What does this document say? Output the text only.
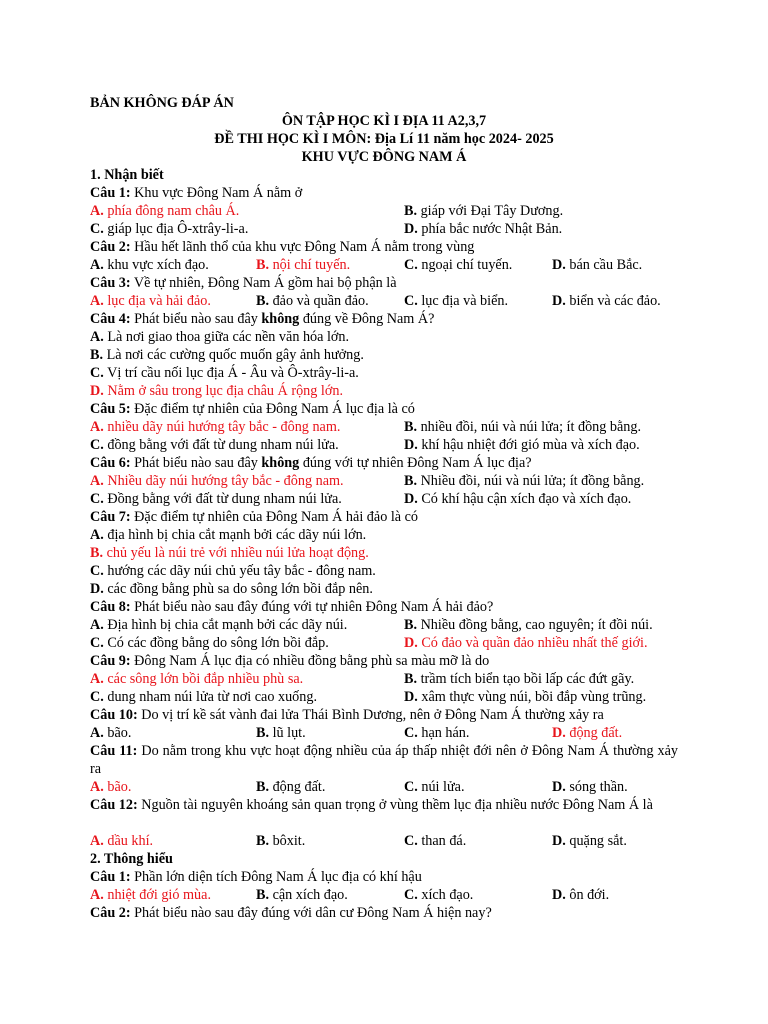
BẢN KHÔNG ĐÁP ÁN
ÔN TẬP HỌC KÌ I ĐỊA 11 A2,3,7
ĐỀ THI HỌC KÌ I MÔN: Địa Lí 11 năm học 2024- 2025
KHU VỰC ĐÔNG NAM Á
1. Nhận biết
Câu 1: Khu vực Đông Nam Á nằm ở
A. phía đông nam châu Á.	B. giáp với Đại Tây Dương.
C. giáp lục địa Ô-xtrây-li-a.	D. phía bắc nước Nhật Bản.
Câu 2: Hầu hết lãnh thổ của khu vực Đông Nam Á nằm trong vùng
A. khu vực xích đạo.	B. nội chí tuyến.	C. ngoại chí tuyến.	D. bán cầu Bắc.
Câu 3: Về tự nhiên, Đông Nam Á gồm hai bộ phận là
A. lục địa và hải đảo.	B. đảo và quần đảo. C. lục địa và biển.	D. biển và các đảo.
Câu 4: Phát biểu nào sau đây không đúng về Đông Nam Á?
A. Là nơi giao thoa giữa các nền văn hóa lớn.
B. Là nơi các cường quốc muốn gây ảnh hưởng.
C. Vị trí cầu nối lục địa Á - Âu và Ô-xtrây-li-a.
D. Nằm ở sâu trong lục địa châu Á rộng lớn.
Câu 5: Đặc điểm tự nhiên của Đông Nam Á lục địa là có
A. nhiều dãy núi hướng tây bắc - đông nam.	B. nhiều đồi, núi và núi lửa; ít đồng bằng.
C. đồng bằng với đất từ dung nham núi lửa.	D. khí hậu nhiệt đới gió mùa và xích đạo.
Câu 6: Phát biểu nào sau đây không đúng với tự nhiên Đông Nam Á lục địa?
A. Nhiều dãy núi hướng tây bắc - đông nam.	B. Nhiều đồi, núi và núi lửa; ít đồng bằng.
C. Đồng bằng với đất từ dung nham núi lửa.	D. Có khí hậu cận xích đạo và xích đạo.
Câu 7: Đặc điểm tự nhiên của Đông Nam Á hải đảo là có
A. địa hình bị chia cắt mạnh bởi các dãy núi lớn.
B. chủ yếu là núi trẻ với nhiều núi lửa hoạt động.
C. hướng các dãy núi chủ yếu tây bắc - đông nam.
D. các đồng bằng phù sa do sông lớn bồi đắp nên.
Câu 8: Phát biểu nào sau đây đúng với tự nhiên Đông Nam Á hải đảo?
A. Địa hình bị chia cắt mạnh bởi các dãy núi.	B. Nhiều đồng bằng, cao nguyên; ít đồi núi.
C. Có các đồng bằng do sông lớn bồi đắp.	D. Có đảo và quần đảo nhiều nhất thế giới.
Câu 9: Đông Nam Á lục địa có nhiều đồng bằng phù sa màu mỡ là do
A. các sông lớn bồi đắp nhiều phù sa.	B. trầm tích biển tạo bồi lấp các đứt gãy.
C. dung nham núi lửa từ nơi cao xuống.	D. xâm thực vùng núi, bồi đắp vùng trũng.
Câu 10: Do vị trí kề sát vành đai lửa Thái Bình Dương, nên ở Đông Nam Á thường xảy ra
A. bão.	B. lũ lụt.	C. hạn hán.	D. động đất.
Câu 11: Do nằm trong khu vực hoạt động nhiều của áp thấp nhiệt đới nên ở Đông Nam Á thường xảy ra
A. bão.	B. động đất.	C. núi lửa.	D. sóng thần.
Câu 12: Nguồn tài nguyên khoáng sản quan trọng ở vùng thềm lục địa nhiều nước Đông Nam Á là
A. dầu khí.	B. bôxit.	C. than đá.	D. quặng sắt.
2. Thông hiểu
Câu 1: Phần lớn diện tích Đông Nam Á lục địa có khí hậu
A. nhiệt đới gió mùa.	B. cận xích đạo.	C. xích đạo.	D. ôn đới.
Câu 2: Phát biểu nào sau đây đúng với dân cư Đông Nam Á hiện nay?
